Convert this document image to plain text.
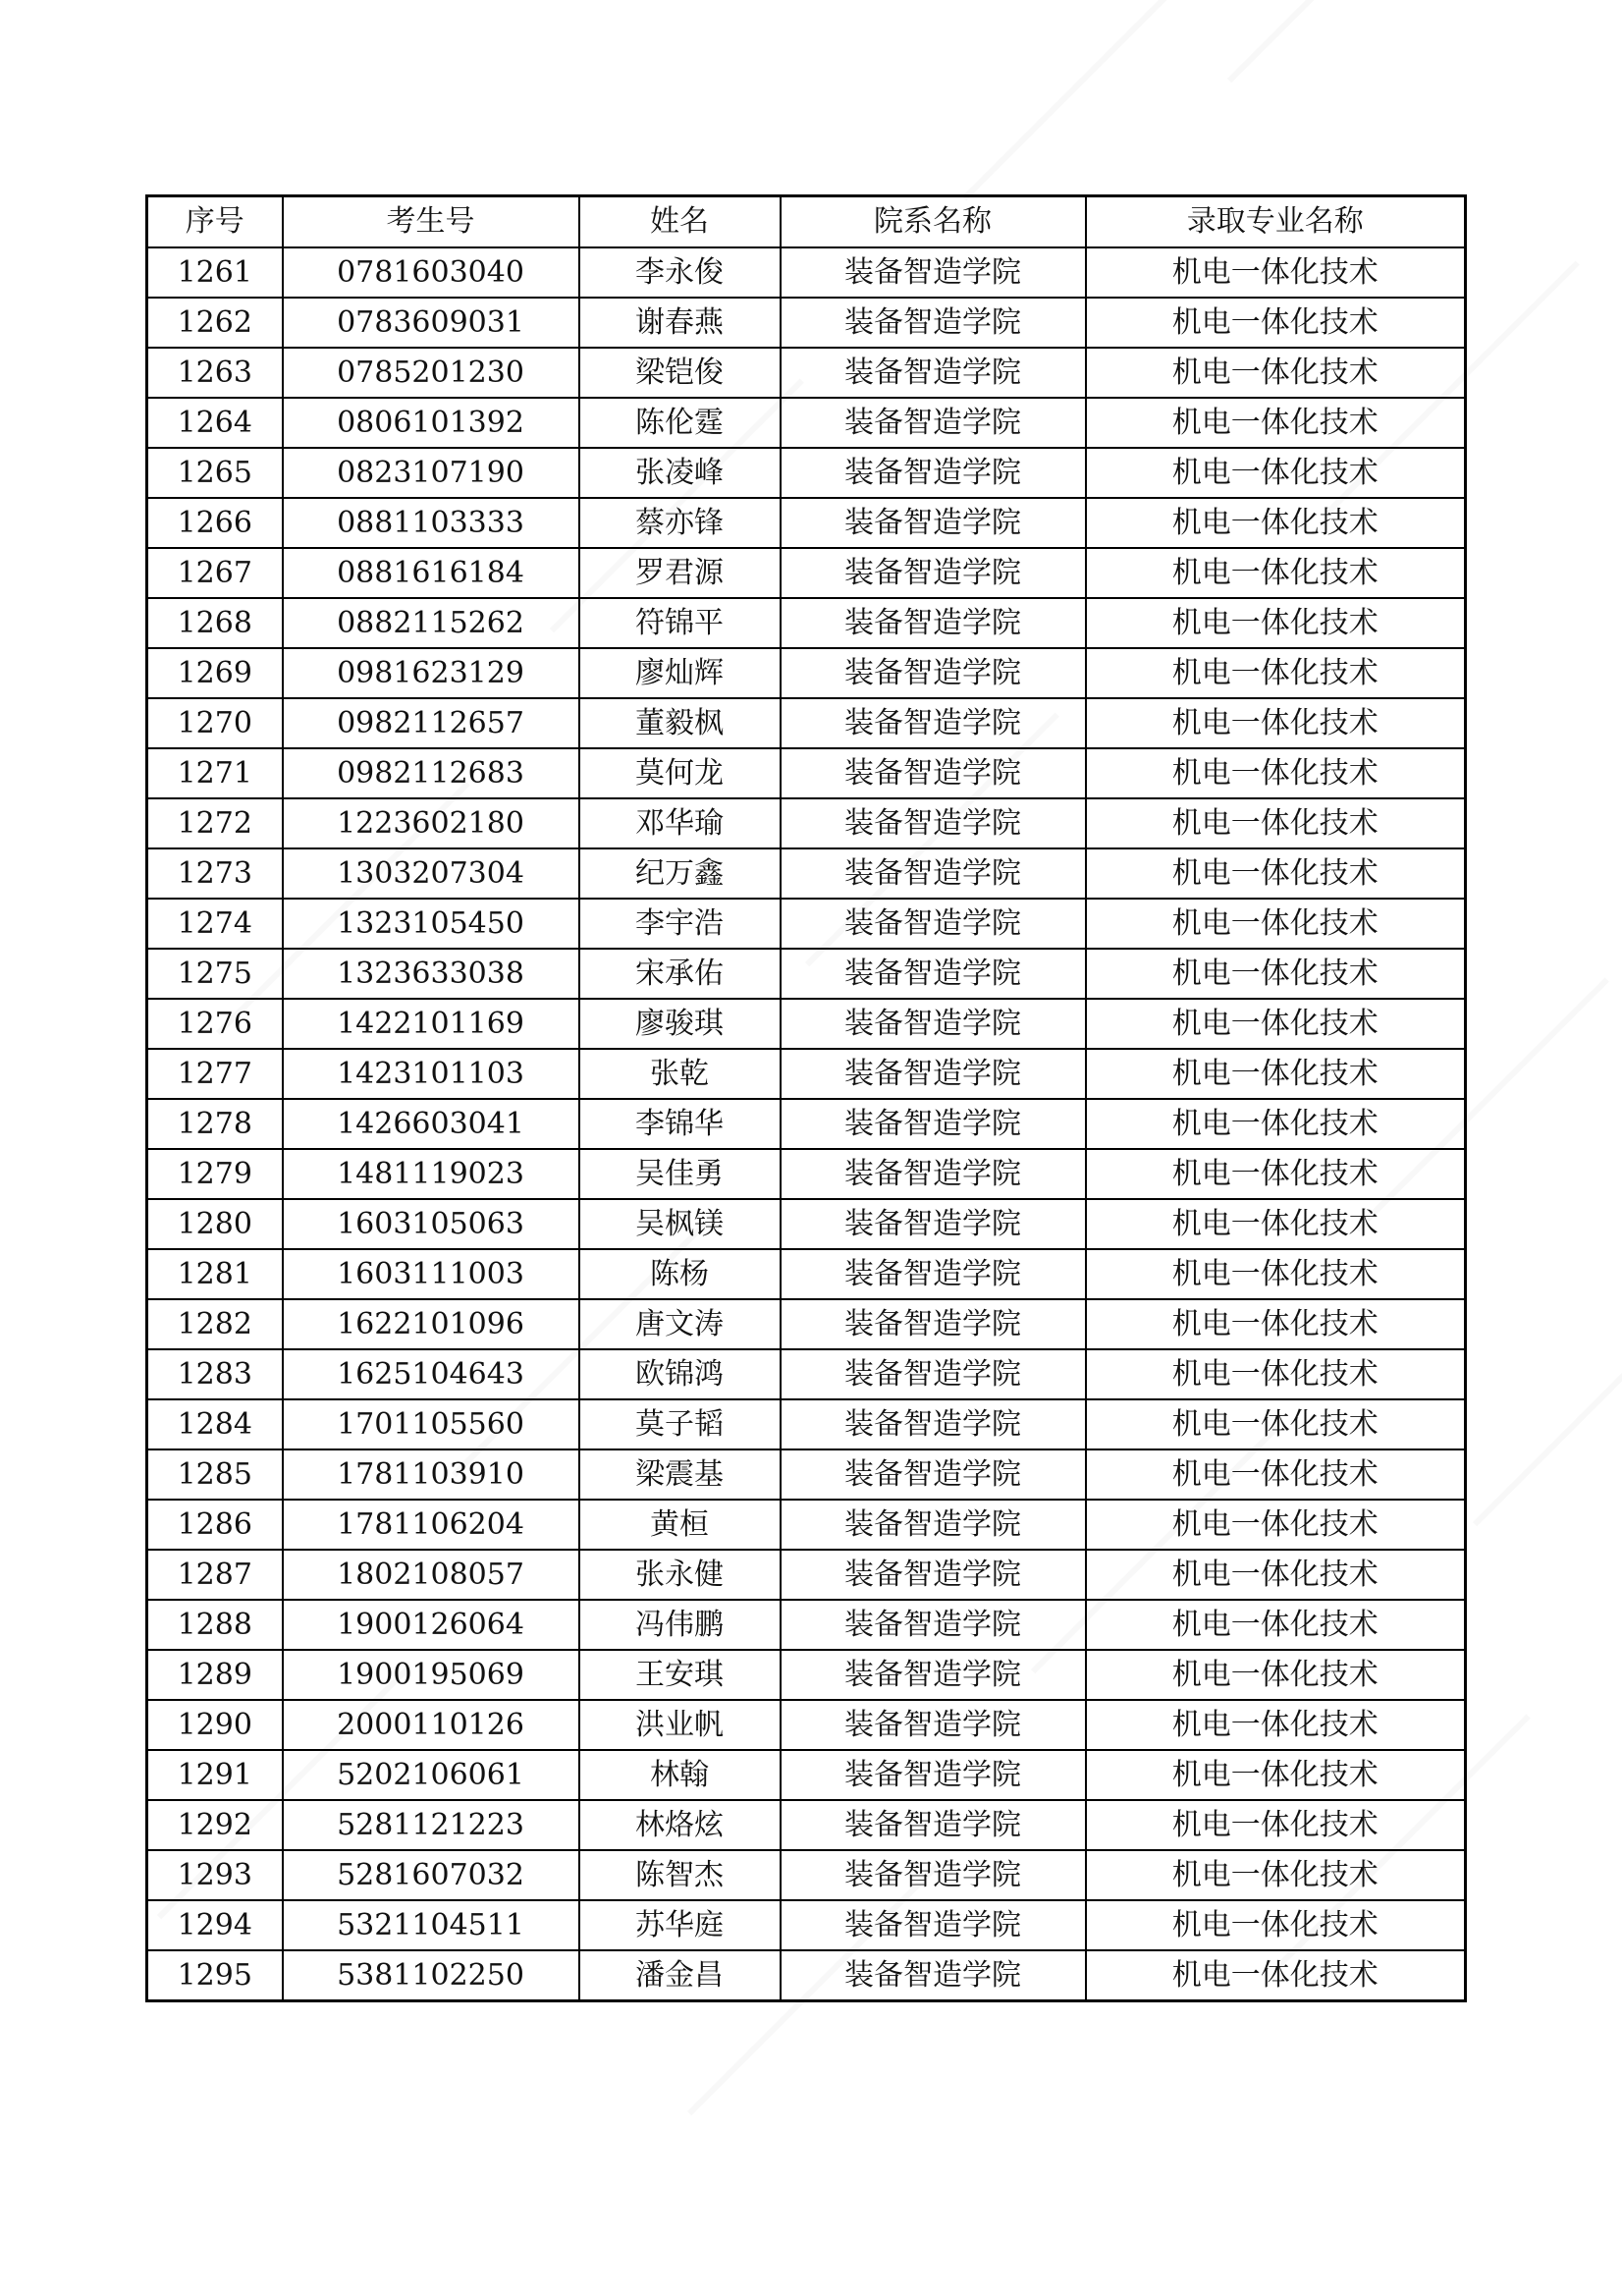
序号	考生号	姓名	院系名称	录取专业名称
1261	0781603040	李永俊	装备智造学院	机电一体化技术
1262	0783609031	谢春燕	装备智造学院	机电一体化技术
1263	0785201230	梁铠俊	装备智造学院	机电一体化技术
1264	0806101392	陈伦霆	装备智造学院	机电一体化技术
1265	0823107190	张凌峰	装备智造学院	机电一体化技术
1266	0881103333	蔡亦锋	装备智造学院	机电一体化技术
1267	0881616184	罗君源	装备智造学院	机电一体化技术
1268	0882115262	符锦平	装备智造学院	机电一体化技术
1269	0981623129	廖灿辉	装备智造学院	机电一体化技术
1270	0982112657	董毅枫	装备智造学院	机电一体化技术
1271	0982112683	莫何龙	装备智造学院	机电一体化技术
1272	1223602180	邓华瑜	装备智造学院	机电一体化技术
1273	1303207304	纪万鑫	装备智造学院	机电一体化技术
1274	1323105450	李宇浩	装备智造学院	机电一体化技术
1275	1323633038	宋承佑	装备智造学院	机电一体化技术
1276	1422101169	廖骏琪	装备智造学院	机电一体化技术
1277	1423101103	张乾	装备智造学院	机电一体化技术
1278	1426603041	李锦华	装备智造学院	机电一体化技术
1279	1481119023	吴佳勇	装备智造学院	机电一体化技术
1280	1603105063	吴枫镁	装备智造学院	机电一体化技术
1281	1603111003	陈杨	装备智造学院	机电一体化技术
1282	1622101096	唐文涛	装备智造学院	机电一体化技术
1283	1625104643	欧锦鸿	装备智造学院	机电一体化技术
1284	1701105560	莫子韬	装备智造学院	机电一体化技术
1285	1781103910	梁震基	装备智造学院	机电一体化技术
1286	1781106204	黄桓	装备智造学院	机电一体化技术
1287	1802108057	张永健	装备智造学院	机电一体化技术
1288	1900126064	冯伟鹏	装备智造学院	机电一体化技术
1289	1900195069	王安琪	装备智造学院	机电一体化技术
1290	2000110126	洪业帆	装备智造学院	机电一体化技术
1291	5202106061	林翰	装备智造学院	机电一体化技术
1292	5281121223	林烙炫	装备智造学院	机电一体化技术
1293	5281607032	陈智杰	装备智造学院	机电一体化技术
1294	5321104511	苏华庭	装备智造学院	机电一体化技术
1295	5381102250	潘金昌	装备智造学院	机电一体化技术
